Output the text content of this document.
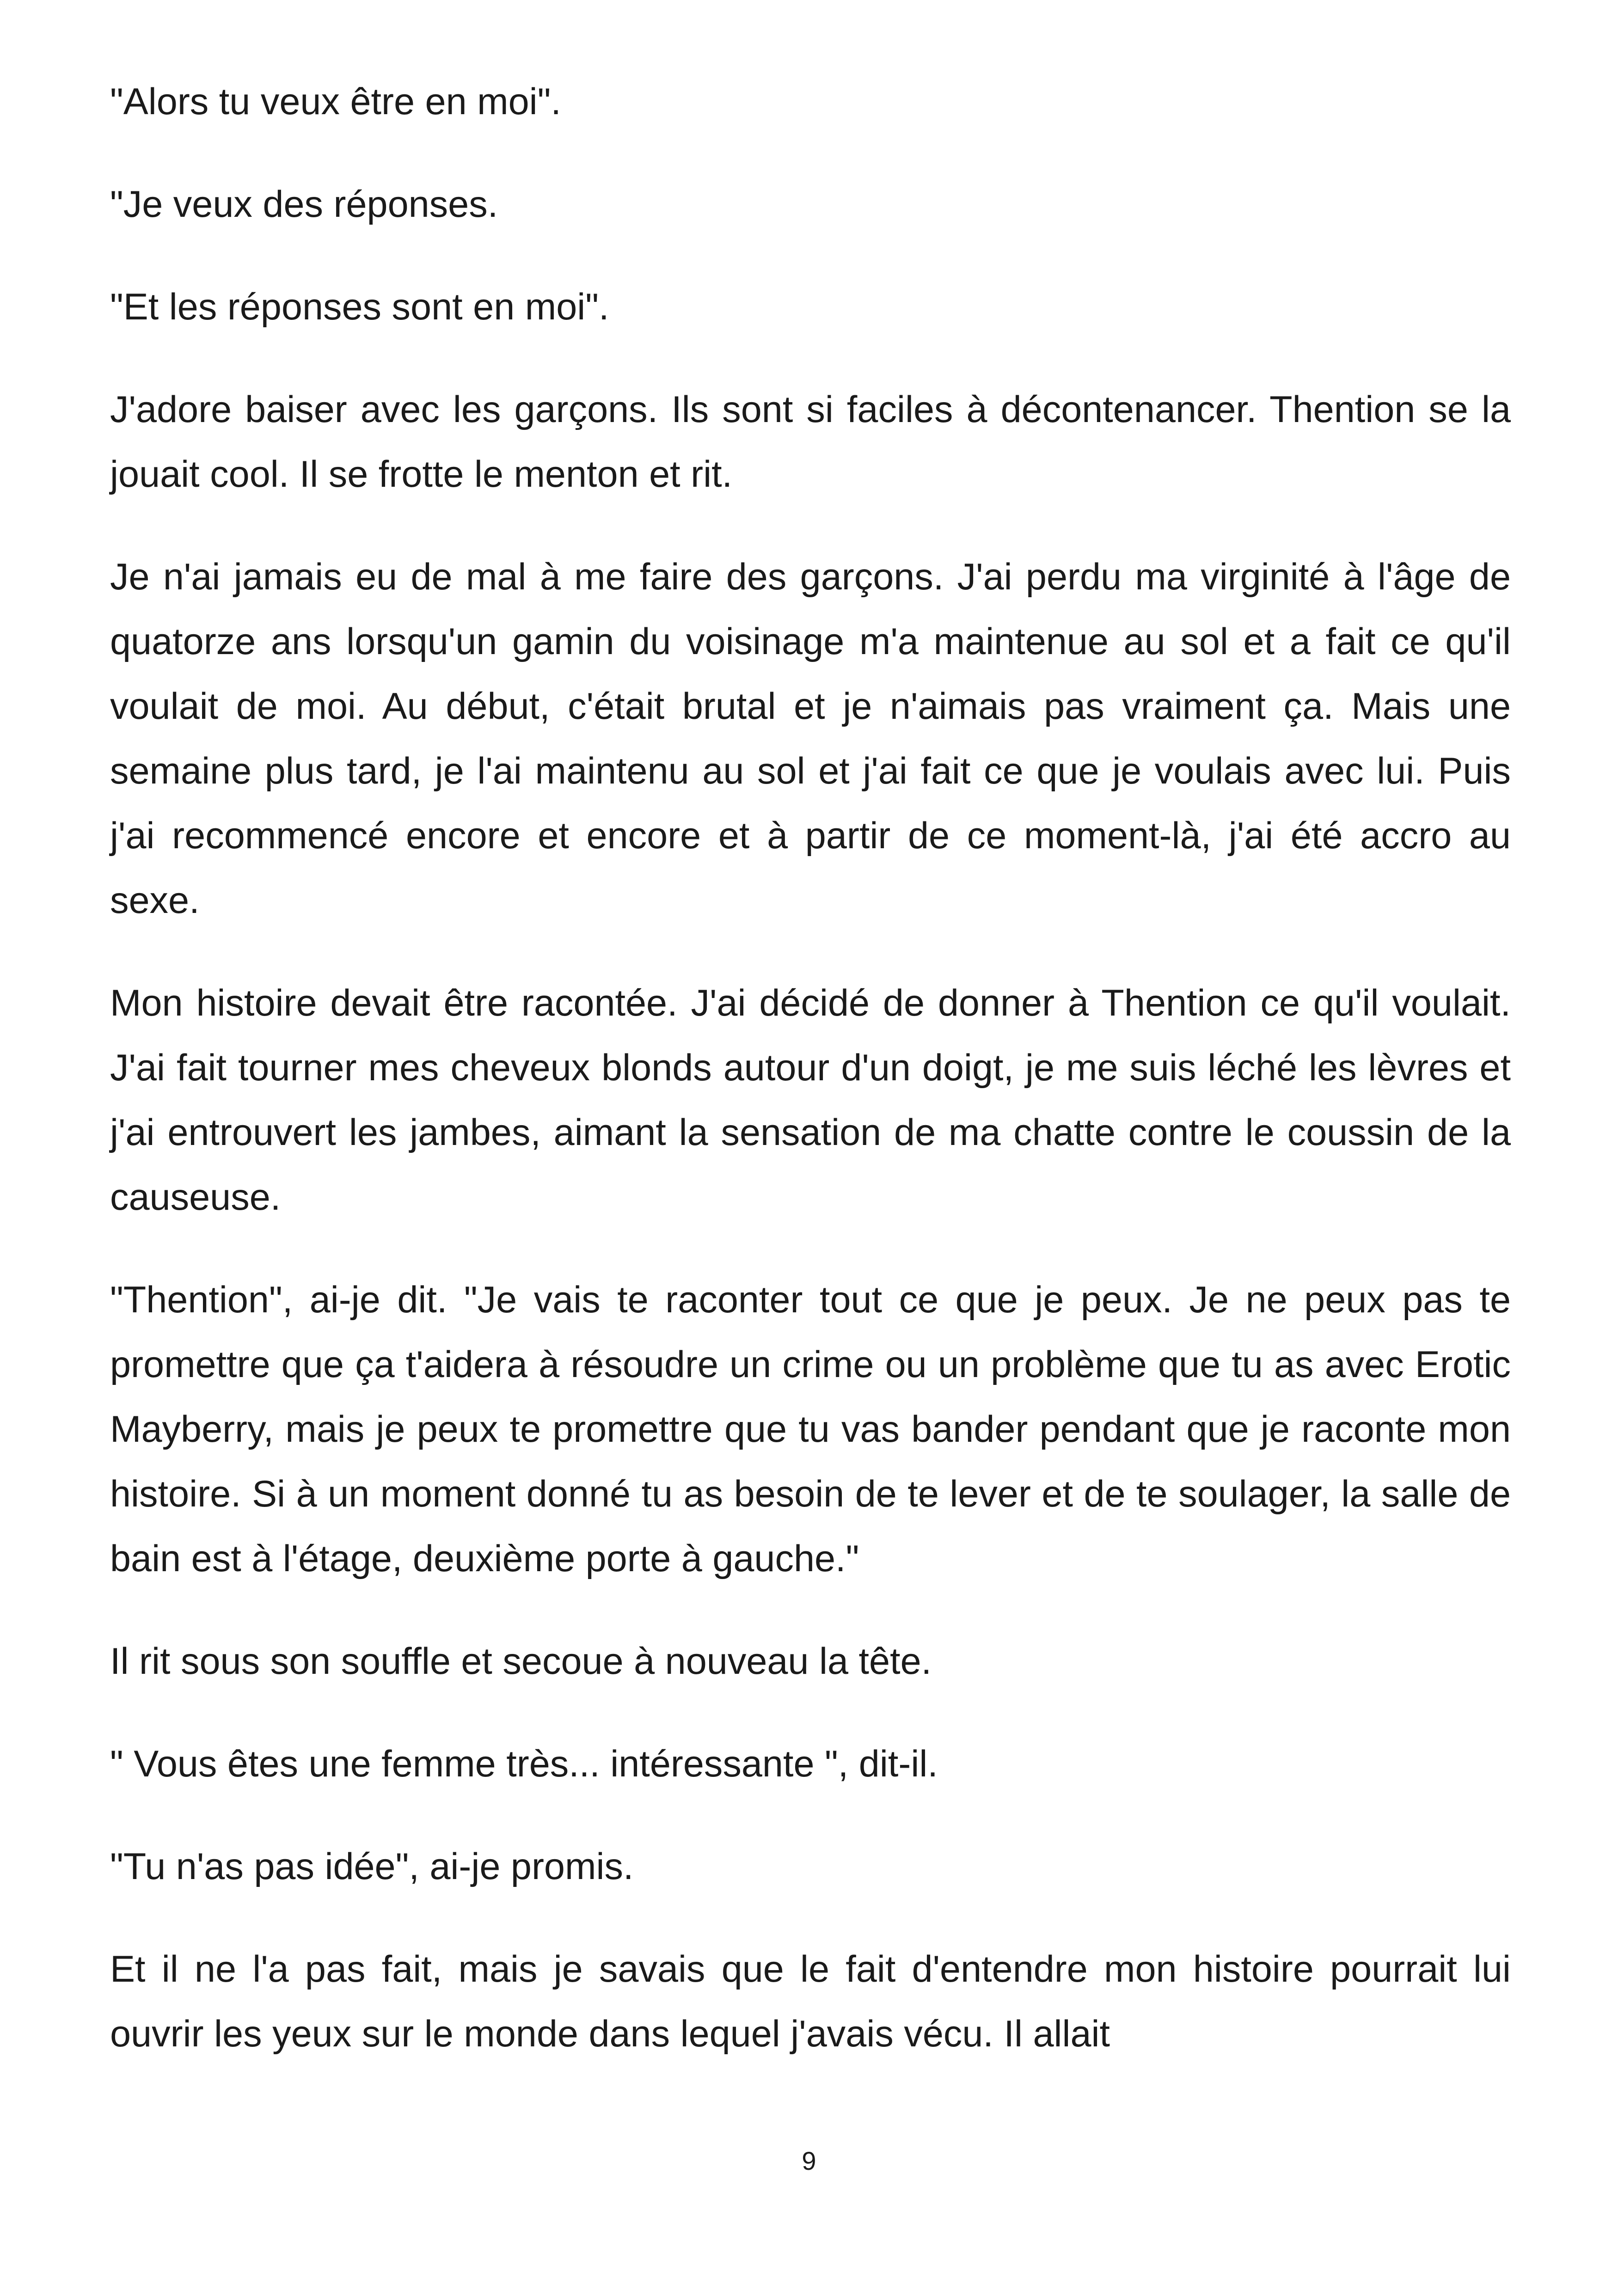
"Alors tu veux être en moi".

"Je veux des réponses.

"Et les réponses sont en moi".

J'adore baiser avec les garçons. Ils sont si faciles à décontenancer. Thention se la jouait cool. Il se frotte le menton et rit.

Je n'ai jamais eu de mal à me faire des garçons. J'ai perdu ma virginité à l'âge de quatorze ans lorsqu'un gamin du voisinage m'a maintenue au sol et a fait ce qu'il voulait de moi. Au début, c'était brutal et je n'aimais pas vraiment ça. Mais une semaine plus tard, je l'ai maintenu au sol et j'ai fait ce que je voulais avec lui. Puis j'ai recommencé encore et encore et à partir de ce moment-là, j'ai été accro au sexe.

Mon histoire devait être racontée. J'ai décidé de donner à Thention ce qu'il voulait. J'ai fait tourner mes cheveux blonds autour d'un doigt, je me suis léché les lèvres et j'ai entrouvert les jambes, aimant la sensation de ma chatte contre le coussin de la causeuse.

"Thention", ai-je dit. "Je vais te raconter tout ce que je peux. Je ne peux pas te promettre que ça t'aidera à résoudre un crime ou un problème que tu as avec Erotic Mayberry, mais je peux te promettre que tu vas bander pendant que je raconte mon histoire. Si à un moment donné tu as besoin de te lever et de te soulager, la salle de bain est à l'étage, deuxième porte à gauche."

Il rit sous son souffle et secoue à nouveau la tête.

" Vous êtes une femme très... intéressante ", dit-il.

"Tu n'as pas idée", ai-je promis.

Et il ne l'a pas fait, mais je savais que le fait d'entendre mon histoire pourrait lui ouvrir les yeux sur le monde dans lequel j'avais vécu. Il allait

9
